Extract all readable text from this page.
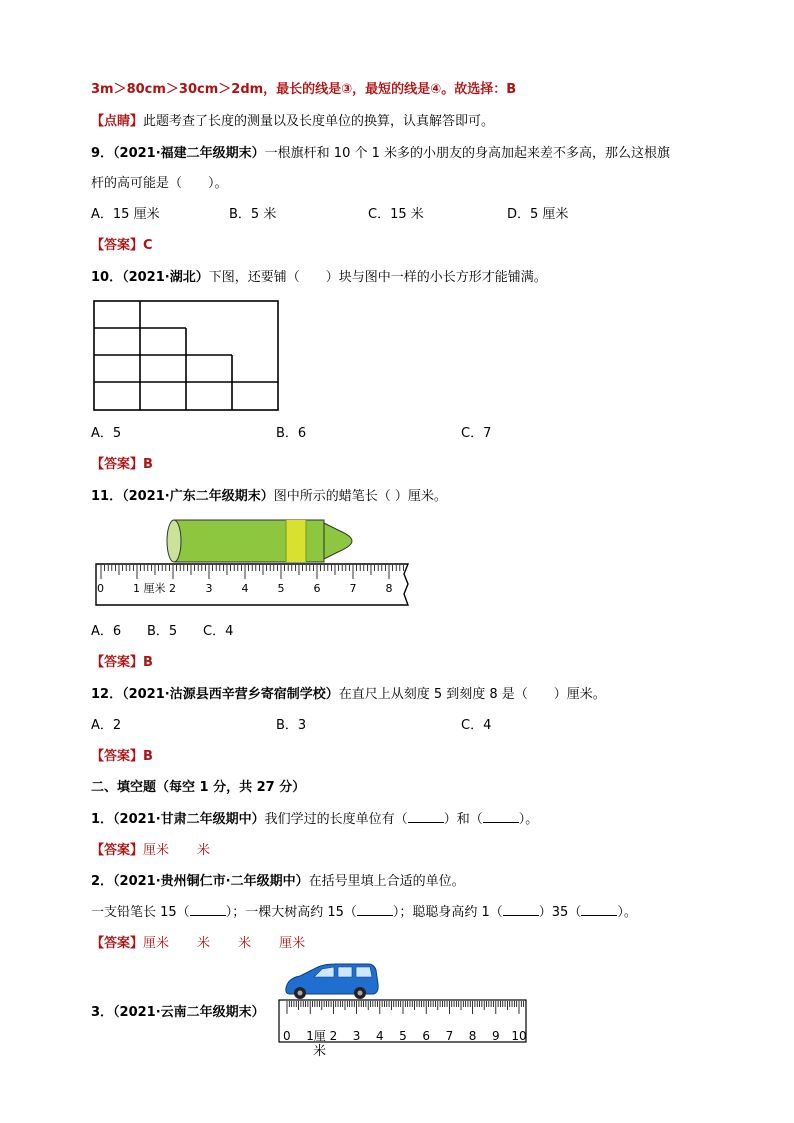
3m＞80cm＞30cm＞2dm，最长的线是③，最短的线是④。故选择：B
【点睛】此题考查了长度的测量以及长度单位的换算，认真解答即可。
9．（2021·福建二年级期末）一根旗杆和 10 个 1 米多的小朋友的身高加起来差不多高，那么这根旗
杆的高可能是（　　）。
A．15 厘米	B．5 米	C．15 米	D．5 厘米
【答案】C
10．（2021·湖北）下图，还要铺（　　）块与图中一样的小长方形才能铺满。
A．5	B．6	C．7
【答案】B
11．（2021·广东二年级期末）图中所示的蜡笔长（ ）厘米。
0	1 厘米 2	3	4	5	6	7	8
A．6 B．5 C．4
【答案】B
12．（2021·沽源县西辛营乡寄宿制学校）在直尺上从刻度 5 到刻度 8 是（　　）厘米。
A．2	B．3	C．4
【答案】B
二、填空题（每空 1 分，共 27 分）
1．（2021·甘肃二年级期中）我们学过的长度单位有（	）和（	）。
【答案】厘米 米
2．（2021·贵州铜仁市·二年级期中）在括号里填上合适的单位。
一支铅笔长 15（	）；一棵大树高约 15（	）；聪聪身高约 1（	）35（	）。
【答案】厘米 米 米 厘米
3．（2021·云南二年级期末）
0 1厘 2 3 4 5 6 7 8 9 10
米
